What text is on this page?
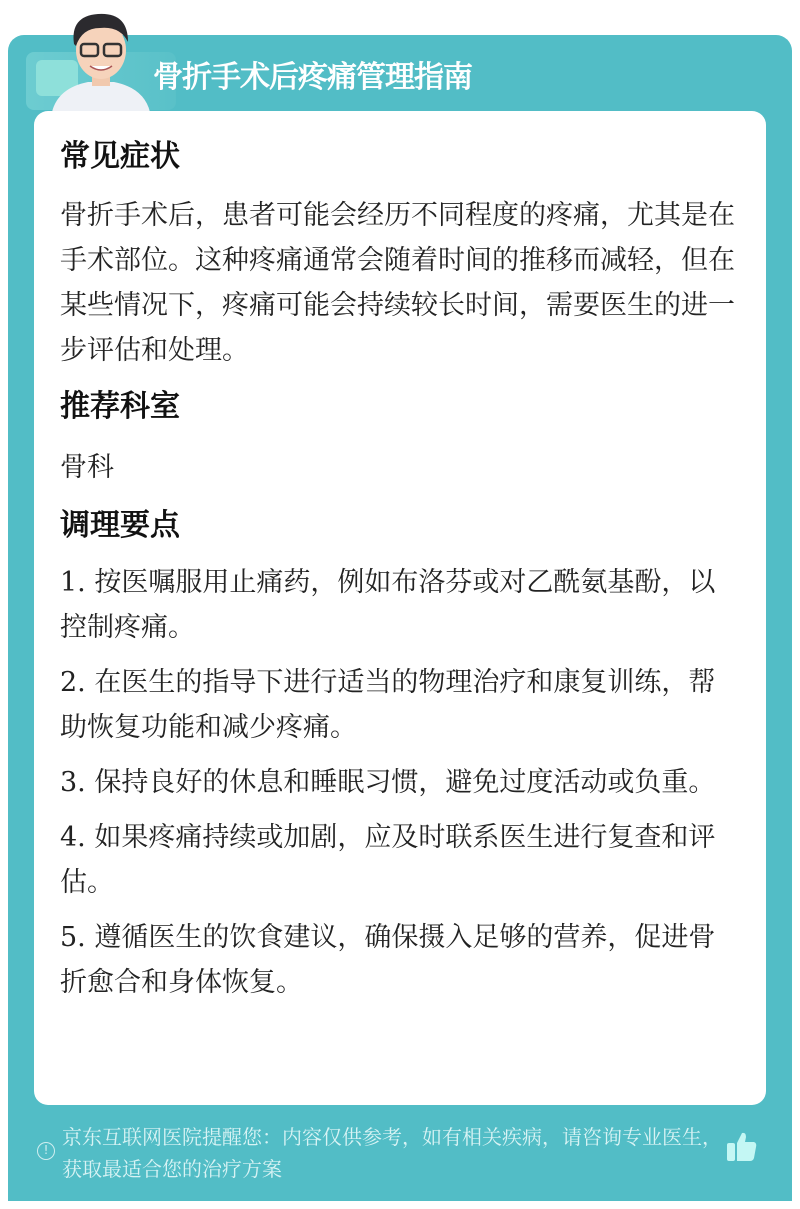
骨折手术后疼痛管理指南
常见症状

骨折手术后，患者可能会经历不同程度的疼痛，尤其是在手术部位。这种疼痛通常会随着时间的推移而减轻，但在某些情况下，疼痛可能会持续较长时间，需要医生的进一步评估和处理。

推荐科室

骨科

调理要点
1. 按医嘱服用止痛药，例如布洛芬或对乙酰氨基酚，以控制疼痛。
2. 在医生的指导下进行适当的物理治疗和康复训练，帮助恢复功能和减少疼痛。
3. 保持良好的休息和睡眠习惯，避免过度活动或负重。
4. 如果疼痛持续或加剧，应及时联系医生进行复查和评估。
5. 遵循医生的饮食建议，确保摄入足够的营养，促进骨折愈合和身体恢复。
!
京东互联网医院提醒您：内容仅供参考，如有相关疾病，请咨询专业医生，获取最适合您的治疗方案
